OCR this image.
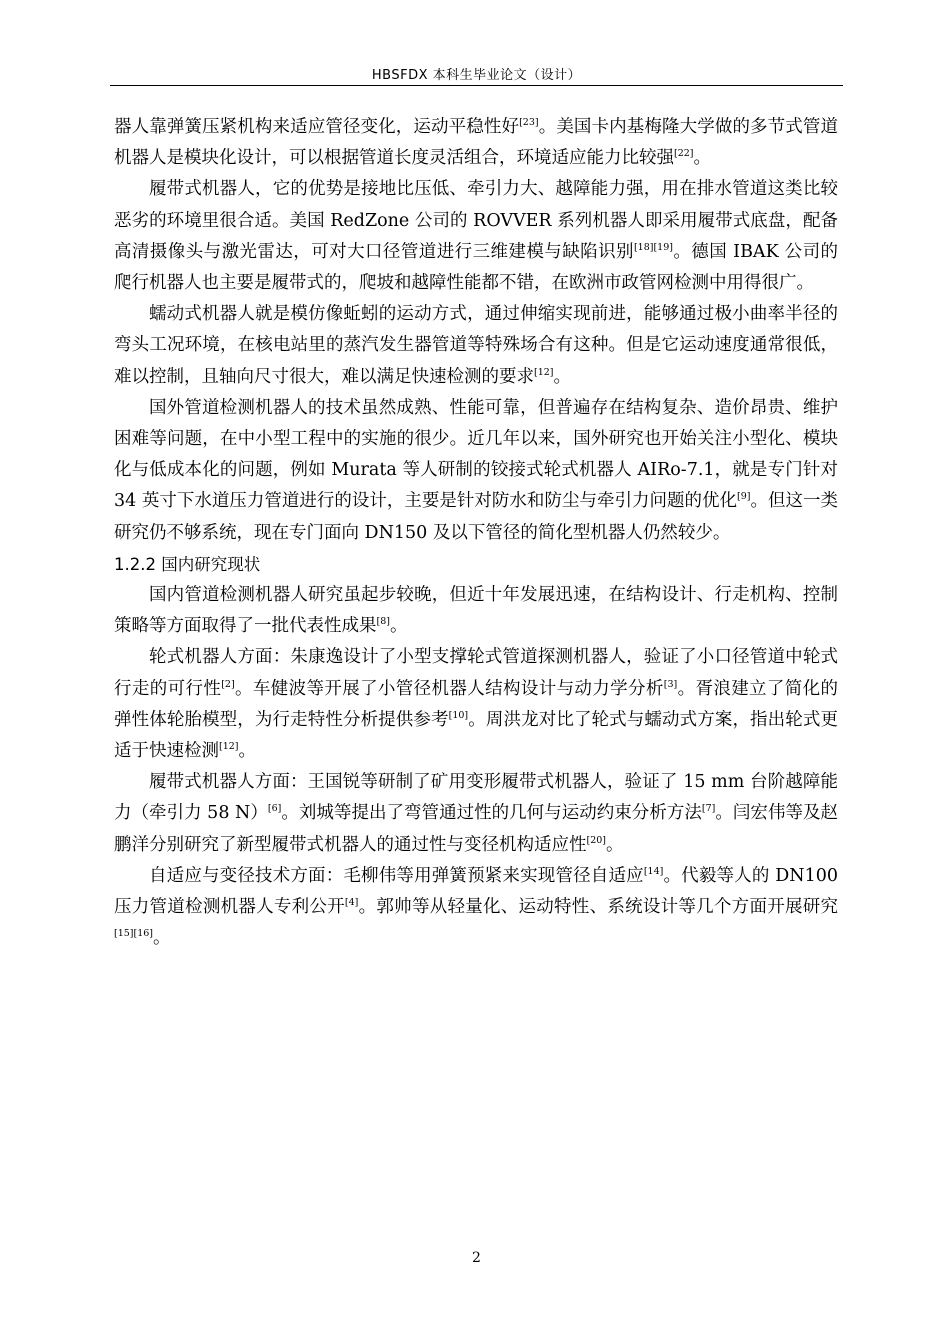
HBSFDX 本科生毕业论文（设计）

器人靠弹簧压紧机构来适应管径变化，运动平稳性好[23]。美国卡内基梅隆大学做的多节式管道机器人是模块化设计，可以根据管道长度灵活组合，环境适应能力比较强[22]。

履带式机器人，它的优势是接地比压低、牵引力大、越障能力强，用在排水管道这类比较恶劣的环境里很合适。美国 RedZone 公司的 ROVVER 系列机器人即采用履带式底盘，配备高清摄像头与激光雷达，可对大口径管道进行三维建模与缺陷识别[18][19]。德国 IBAK 公司的爬行机器人也主要是履带式的，爬坡和越障性能都不错，在欧洲市政管网检测中用得很广。

蠕动式机器人就是模仿像蚯蚓的运动方式，通过伸缩实现前进，能够通过极小曲率半径的弯头工况环境，在核电站里的蒸汽发生器管道等特殊场合有这种。但是它运动速度通常很低，难以控制，且轴向尺寸很大，难以满足快速检测的要求[12]。

国外管道检测机器人的技术虽然成熟、性能可靠，但普遍存在结构复杂、造价昂贵、维护困难等问题，在中小型工程中的实施的很少。近几年以来，国外研究也开始关注小型化、模块化与低成本化的问题，例如 Murata 等人研制的铰接式轮式机器人 AIRo-7.1，就是专门针对 34 英寸下水道压力管道进行的设计，主要是针对防水和防尘与牵引力问题的优化[9]。但这一类研究仍不够系统，现在专门面向 DN150 及以下管径的简化型机器人仍然较少。

1.2.2 国内研究现状

国内管道检测机器人研究虽起步较晚，但近十年发展迅速，在结构设计、行走机构、控制策略等方面取得了一批代表性成果[8]。

轮式机器人方面：朱康逸设计了小型支撑轮式管道探测机器人，验证了小口径管道中轮式行走的可行性[2]。车健波等开展了小管径机器人结构设计与动力学分析[3]。胥浪建立了简化的弹性体轮胎模型，为行走特性分析提供参考[10]。周洪龙对比了轮式与蠕动式方案，指出轮式更适于快速检测[12]。

履带式机器人方面：王国锐等研制了矿用变形履带式机器人，验证了 15 mm 台阶越障能力（牵引力 58 N）[6]。刘城等提出了弯管通过性的几何与运动约束分析方法[7]。闫宏伟等及赵鹏洋分别研究了新型履带式机器人的通过性与变径机构适应性[20]。

自适应与变径技术方面：毛柳伟等用弹簧预紧来实现管径自适应[14]。代毅等人的 DN100 压力管道检测机器人专利公开[4]。郭帅等从轻量化、运动特性、系统设计等几个方面开展研究[15][16]。

2
